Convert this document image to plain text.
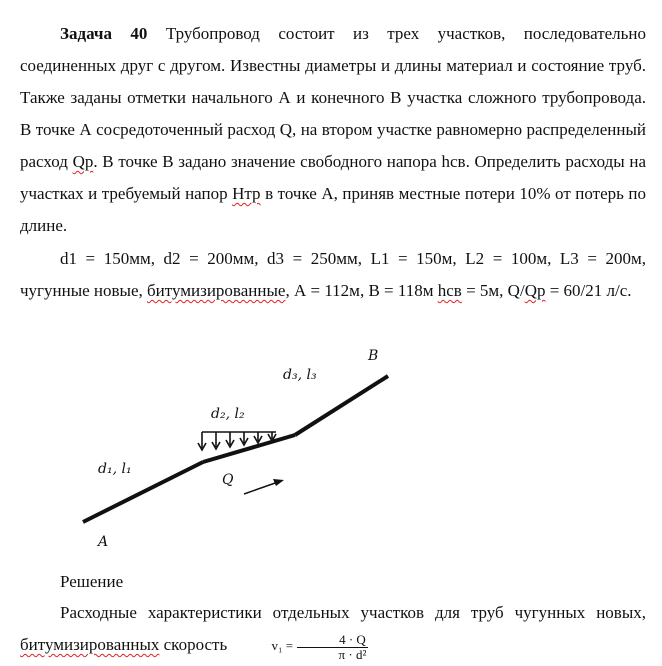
Задача 40 Трубопровод состоит из трех участков, последовательно соединенных друг с другом. Известны диаметры и длины материал и состояние труб. Также заданы отметки начального А и конечного В участка сложного трубопровода. В точке А сосредоточенный расход Q, на втором участке равномерно распределенный расход Qр. В точке В задано значение свободного напора hсв. Определить расходы на участках и требуемый напор Нтр в точке А, приняв местные потери 10% от потерь по длине.

d1 = 150мм, d2 = 200мм, d3 = 250мм, L1 = 150м, L2 = 100м, L3 = 200м, чугунные новые, битумизированные, А = 112м, В = 118м hсв = 5м, Q/Qр = 60/21 л/с.

d₁, l₁
d₂, l₂
d₃, l₃
Q
A
B

Решение

Расходные характеристики отдельных участков для труб чугунных новых, битумизированных скорость	$v_1 = \frac{4 \cdot Q}{\text{π · d²}}$
